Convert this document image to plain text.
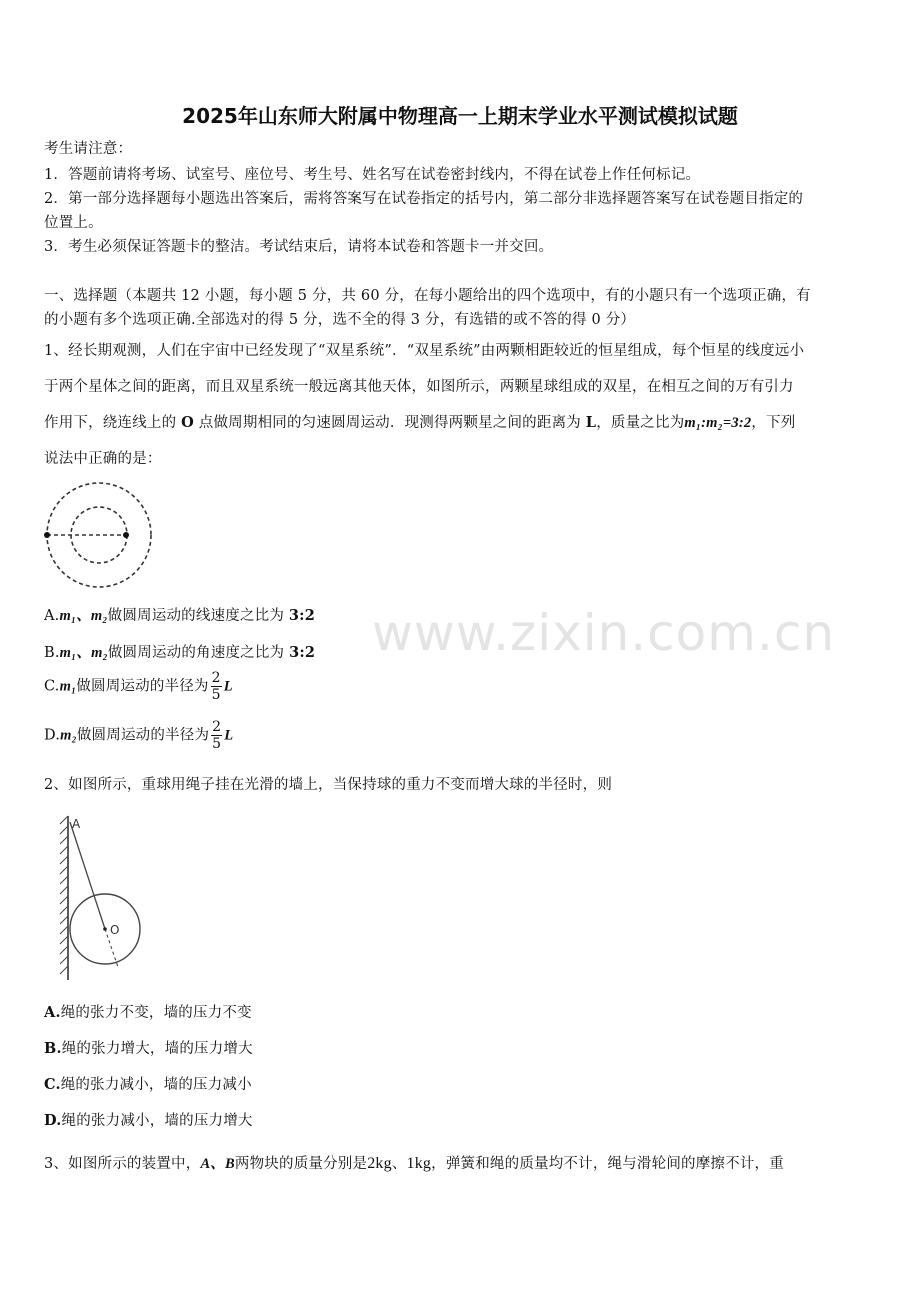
2025年山东师大附属中物理高一上期末学业水平测试模拟试题
考生请注意：
1．答题前请将考场、试室号、座位号、考生号、姓名写在试卷密封线内，不得在试卷上作任何标记。
2．第一部分选择题每小题选出答案后，需将答案写在试卷指定的括号内，第二部分非选择题答案写在试卷题目指定的
位置上。
3．考生必须保证答题卡的整洁。考试结束后，请将本试卷和答题卡一并交回。
一、选择题（本题共 12 小题，每小题 5 分，共 60 分，在每小题给出的四个选项中，有的小题只有一个选项正确，有
的小题有多个选项正确.全部选对的得 5 分，选不全的得 3 分，有选错的或不答的得 0 分）
1、经长期观测，人们在宇宙中已经发现了“双星系统”．“双星系统”由两颗相距较近的恒星组成，每个恒星的线度远小
于两个星体之间的距离，而且双星系统一般远离其他天体，如图所示，两颗星球组成的双星，在相互之间的万有引力
作用下，绕连线上的 O 点做周期相同的匀速圆周运动．现测得两颗星之间的距离为 L，质量之比为m₁:m₂=3:2，下列
说法中正确的是：
www.zixin.com.cn
A.m₁、m₂做圆周运动的线速度之比为 3:2
B.m₁、m₂做圆周运动的角速度之比为 3:2
C.m₁做圆周运动的半径为 $\frac{2}{5}$ L
D.m₂做圆周运动的半径为 $\frac{2}{5}$ L
2、如图所示，重球用绳子挂在光滑的墙上，当保持球的重力不变而增大球的半径时，则
A
O
A.绳的张力不变，墙的压力不变
B.绳的张力增大，墙的压力增大
C.绳的张力减小，墙的压力减小
D.绳的张力减小，墙的压力增大
3、如图所示的装置中，A、B两物块的质量分别是2kg、1kg，弹簧和绳的质量均不计，绳与滑轮间的摩擦不计，重
